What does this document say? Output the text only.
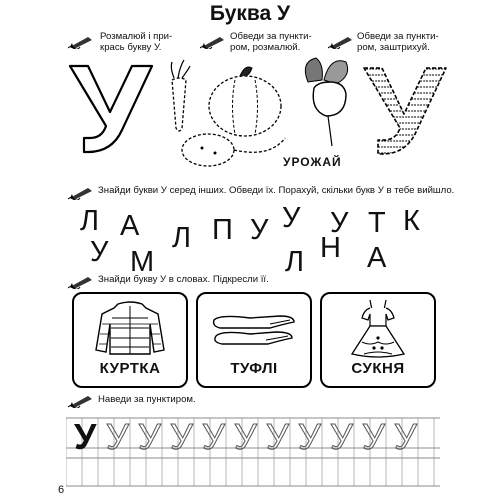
Буква У
Розмалюй і при-
крась букву У.
Обведи за пункти-
ром, розмалюй.
Обведи за пункти-
ром, заштрихуй.
УРОЖАЙ
Знайди букви У серед інших. Обведи їх. Порахуй, скільки букв У в тебе вийшло.
Л А	П У У У Т К
У М
Л
Л Н А
Знайди букву У в словах. Підкресли її.
КУРТКА	ТУФЛІ	СУКНЯ
Наведи за пунктиром.
У У У У У У У У У У У
6
